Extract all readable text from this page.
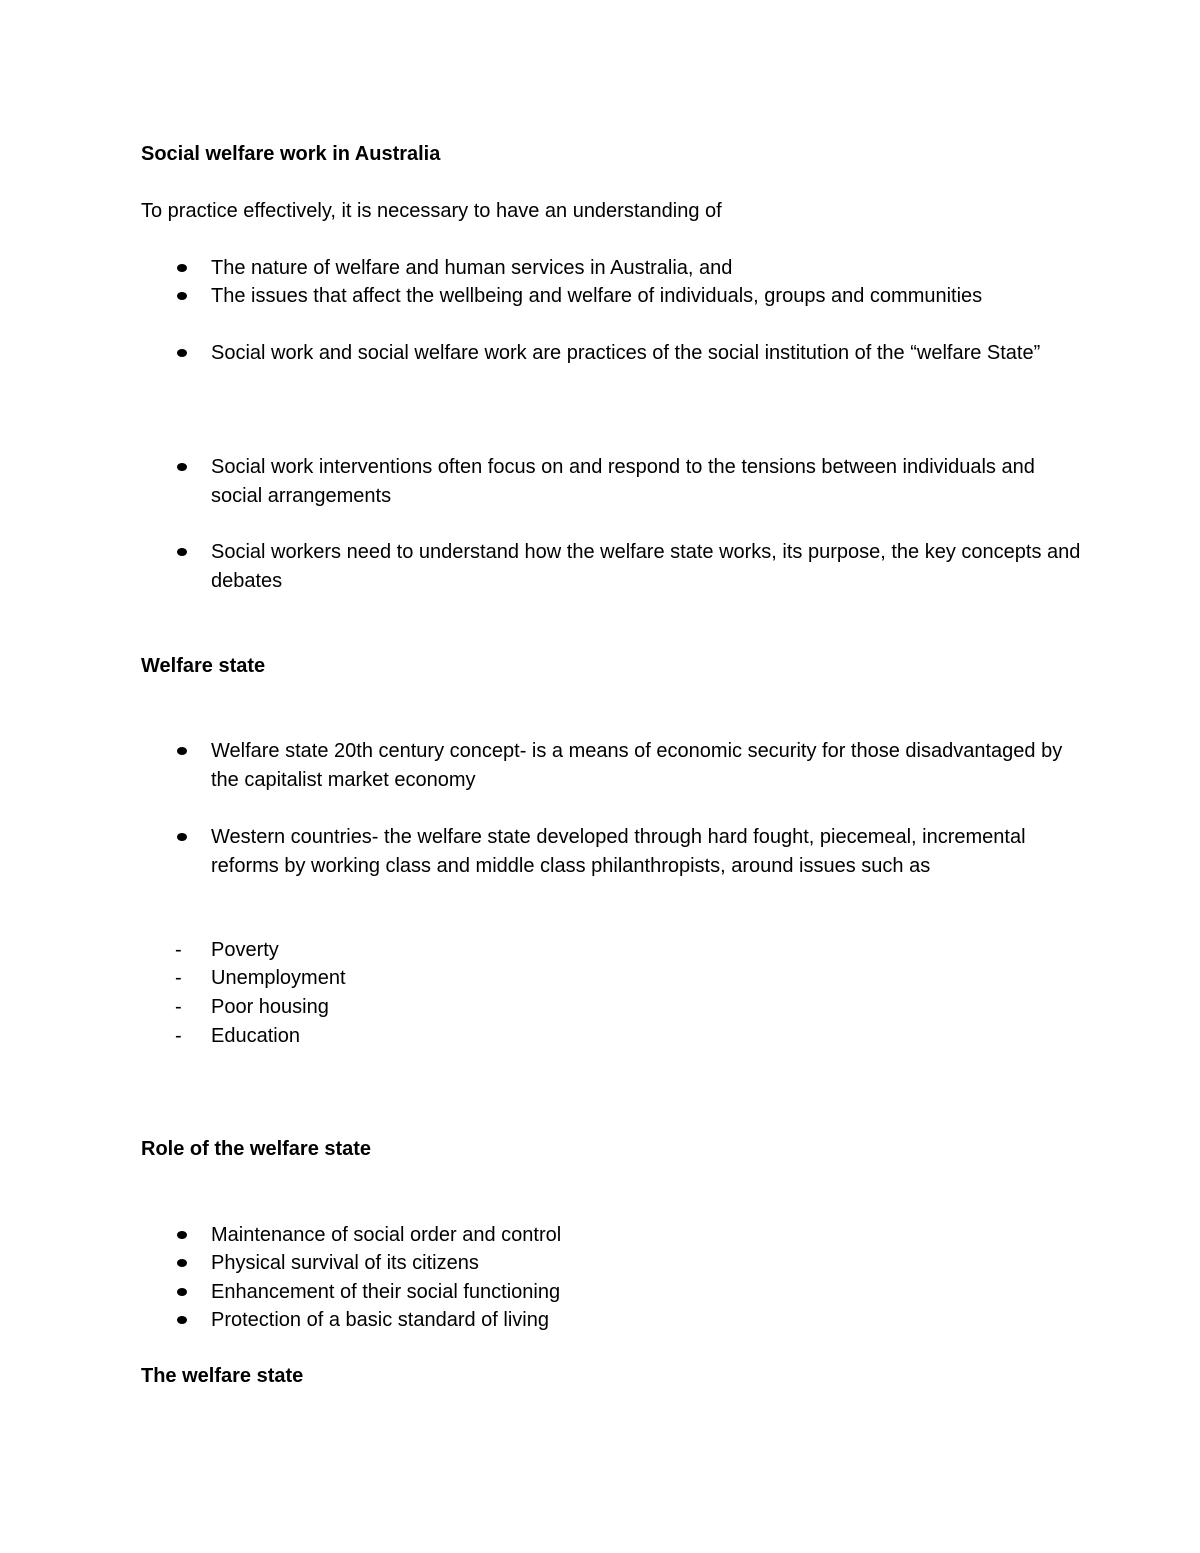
Social welfare work in Australia
To practice effectively, it is necessary to have an understanding of
The nature of welfare and human services in Australia, and
The issues that affect the wellbeing and welfare of individuals, groups and communities
Social work and social welfare work are practices of the social institution of the “welfare State”
Social work interventions often focus on and respond to the tensions between individuals and social arrangements
Social workers need to understand how the welfare state works, its purpose, the key concepts and debates
Welfare state
Welfare state 20th century concept- is a means of economic security for those disadvantaged by the capitalist market economy
Western countries- the welfare state developed through hard fought, piecemeal, incremental reforms by working class and middle class philanthropists, around issues such as
- Poverty
- Unemployment
- Poor housing
- Education
Role of the welfare state
Maintenance of social order and control
Physical survival of its citizens
Enhancement of their social functioning
Protection of a basic standard of living
The welfare state
